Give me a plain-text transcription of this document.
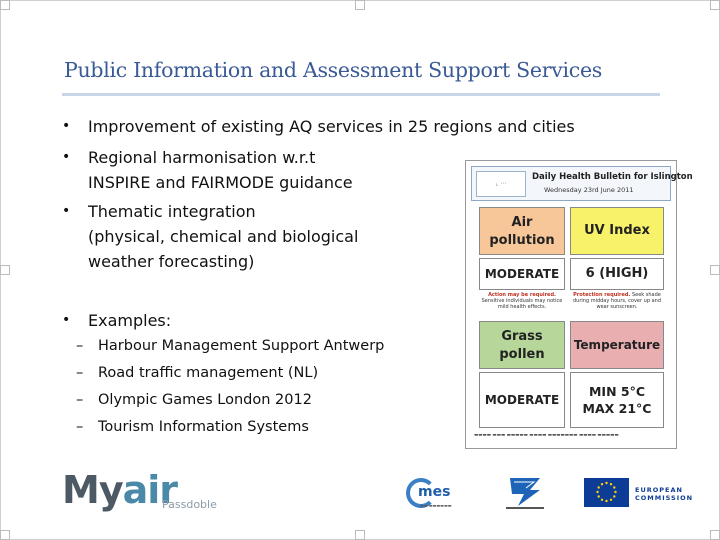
Public Information and Assessment Support Services
• Improvement of existing AQ services in 25 regions and cities
• Regional harmonisation w.r.t
INSPIRE and FAIRMODE guidance
• Thematic integration
(physical, chemical and biological
weather forecasting)
• Examples:
– Harbour Management Support Antwerp
– Road traffic management (NL)
– Olympic Games London 2012
– Tourism Information Systems
⌞ ⋯
Daily Health Bulletin for Islington
Wednesday 23rd June 2011
Air pollution
UV Index
MODERATE	6 (HIGH)
Action may be required. Sensitive individuals may notice mild health effects.
Protection required. Seek shade during midday hours, cover up and wear sunscreen.
Grass pollen
Temperature
MODERATE
MIN 5°C
MAX 21°C
▬▬▬▬ ▬▬▬ ▬▬▬▬▬ ▬▬▬▬ ▬▬▬▬▬▬▬ ▬▬▬▬ ▬▬▬▬▬
Myair
Passdoble
mes
▬▬ ▬▬▬▬▬▬
EUROPEAN
COMMISSION
